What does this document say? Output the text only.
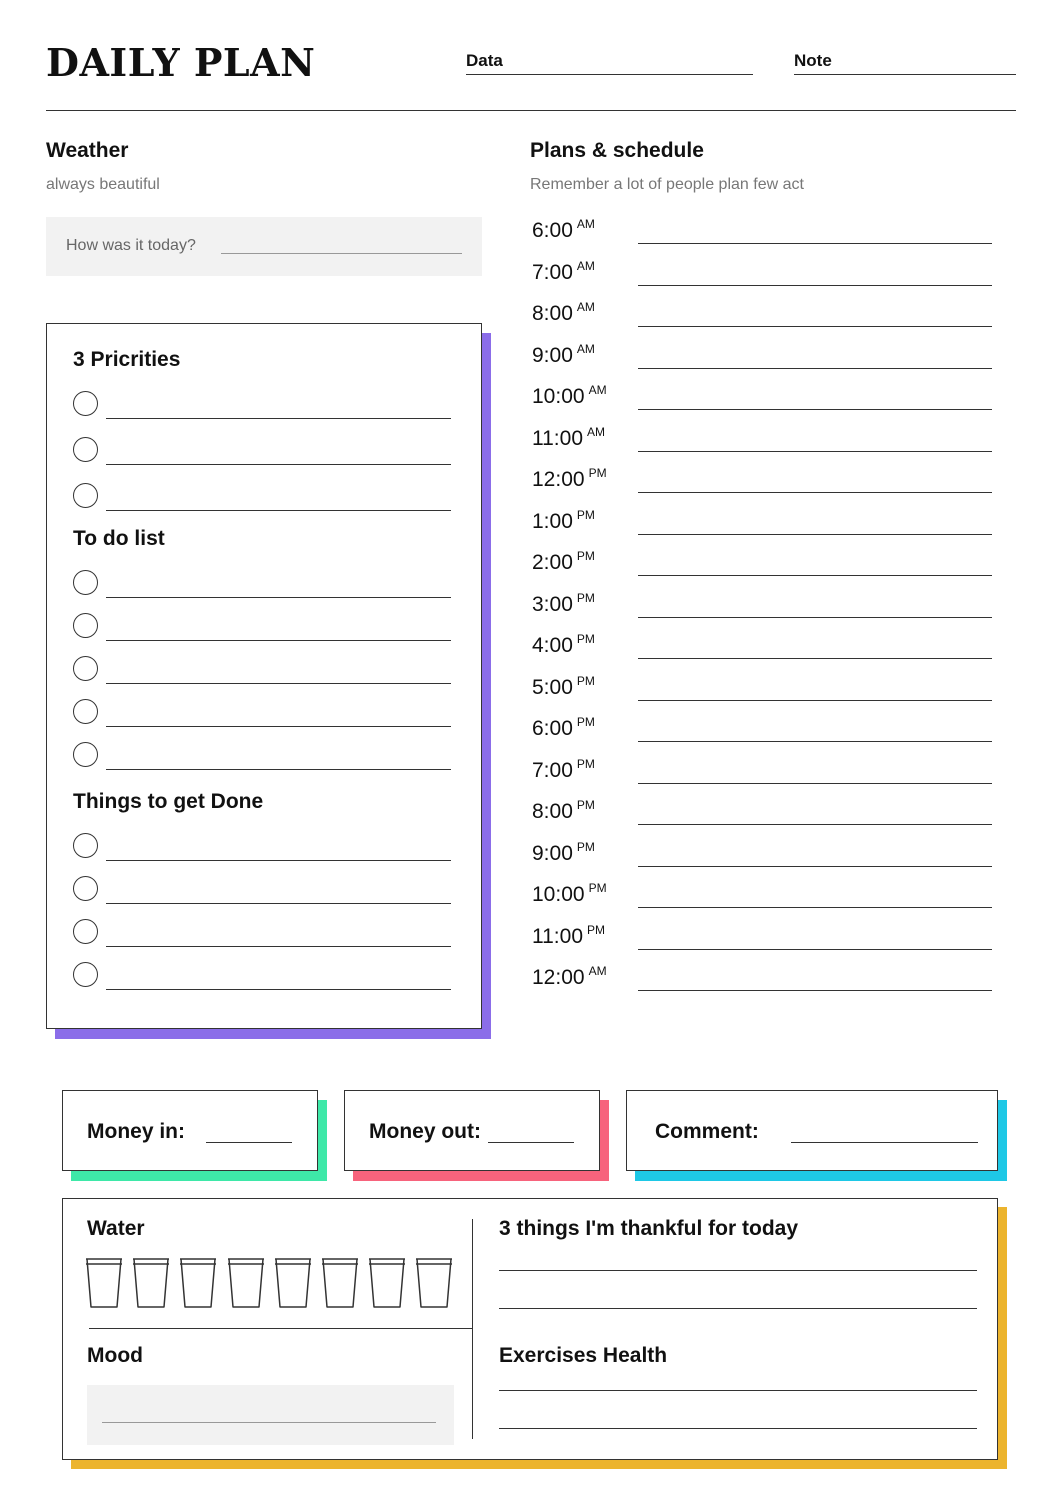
DAILY PLAN	Data	Note
Weather
always beautiful
How was it today?
3 Pricrities
To do list
Things to get Done
Plans & schedule
Remember a lot of people plan few act
6:00 $^{AM}$
7:00 $^{AM}$
8:00 $^{AM}$
9:00 $^{AM}$
10:00 $^{AM}$
11:00 $^{AM}$
12:00 $^{PM}$
1:00 $^{PM}$
2:00 $^{PM}$
3:00 $^{PM}$
4:00 $^{PM}$
5:00 $^{PM}$
6:00 $^{PM}$
7:00 $^{PM}$
8:00 $^{PM}$
9:00 $^{PM}$
10:00 $^{PM}$
11:00 $^{PM}$
12:00 $^{AM}$
Money in:	Money out:	Comment:
Water
Mood
3 things I'm thankful for today
Exercises Health
